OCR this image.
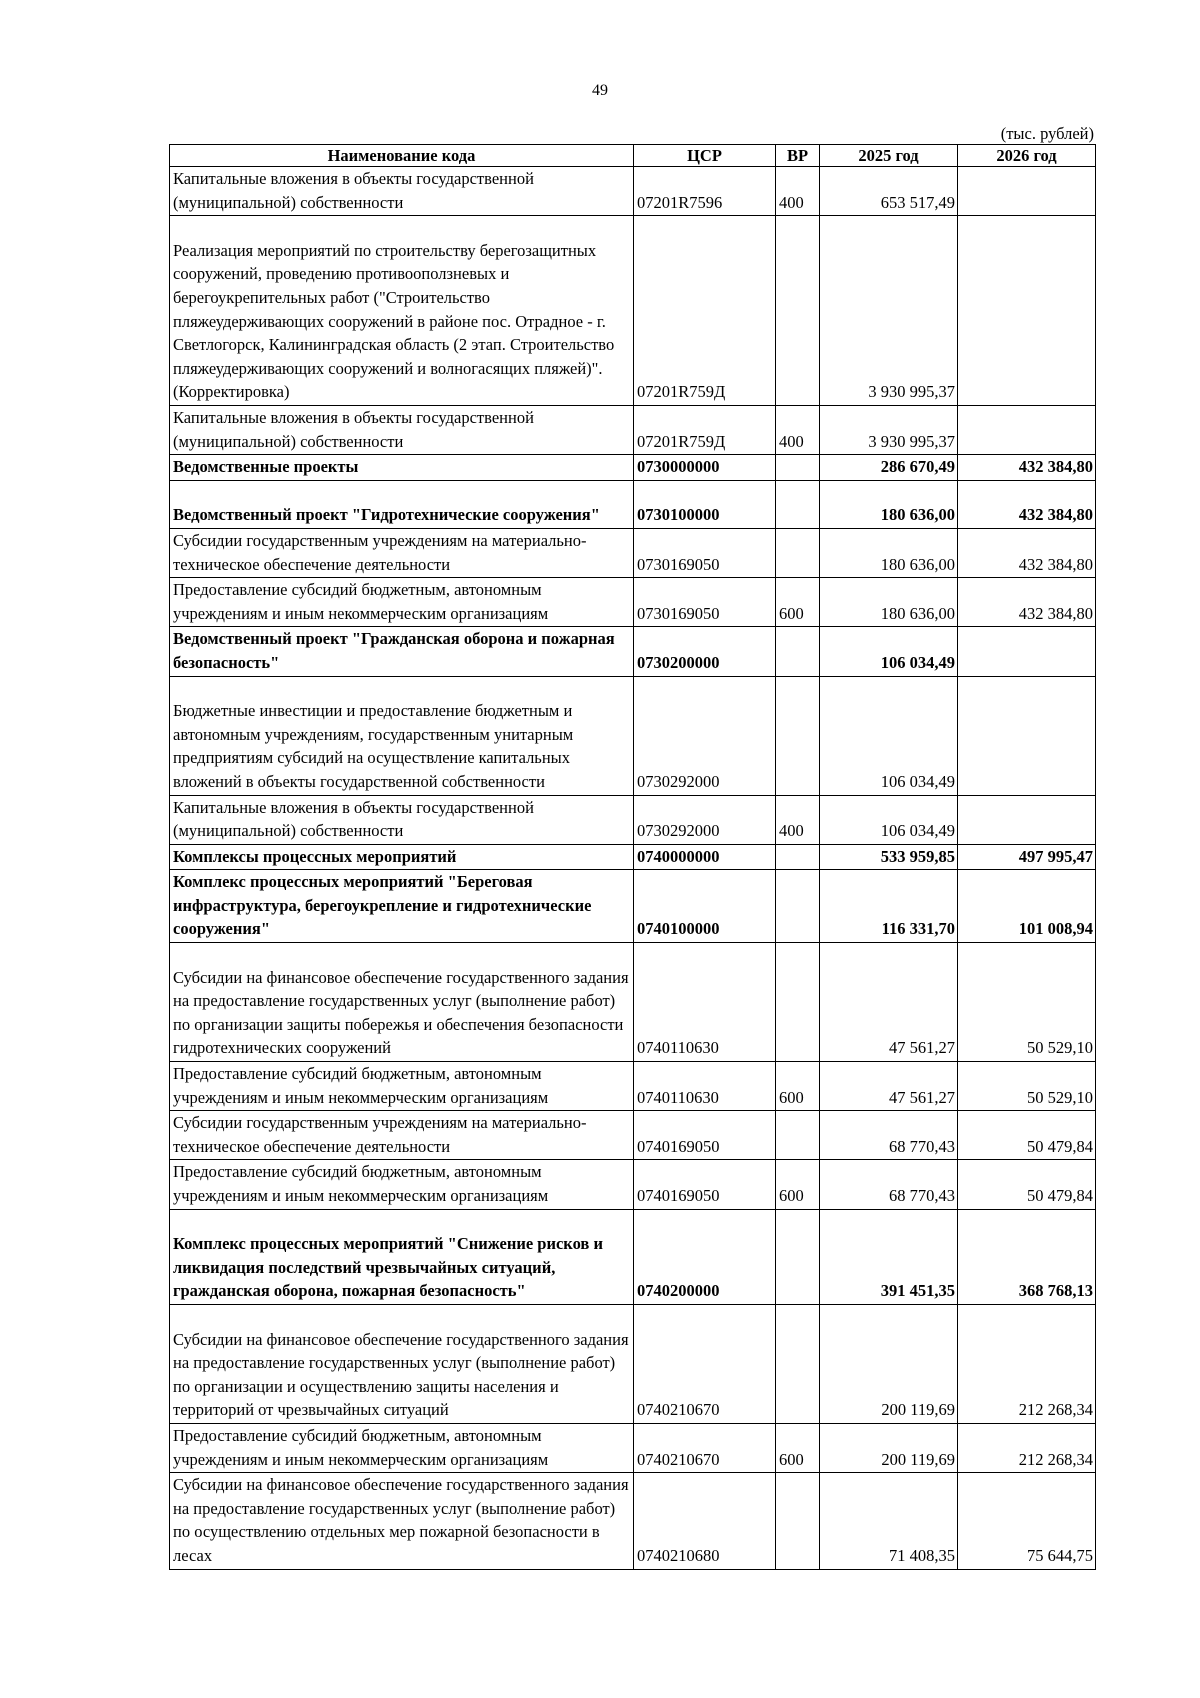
49
(тыс. рублей)
Наименование кода	ЦСР	ВР	2025 год	2026 год
Капитальные вложения в объекты государственной (муниципальной) собственности	07201R7596	400	653 517,49	
Реализация мероприятий по строительству берегозащитных сооружений, проведению противооползневых и берегоукрепительных работ ("Строительство пляжеудерживающих сооружений в районе пос. Отрадное - г. Светлогорск, Калининградская область (2 этап. Строительство пляжеудерживающих сооружений и волногасящих пляжей)". (Корректировка)	07201R759Д		3 930 995,37	
Капитальные вложения в объекты государственной (муниципальной) собственности	07201R759Д	400	3 930 995,37	
Ведомственные проекты	0730000000		286 670,49	432 384,80
Ведомственный проект "Гидротехнические сооружения"	0730100000		180 636,00	432 384,80
Субсидии государственным учреждениям на материально-техническое обеспечение деятельности	0730169050		180 636,00	432 384,80
Предоставление субсидий бюджетным, автономным учреждениям и иным некоммерческим организациям	0730169050	600	180 636,00	432 384,80
Ведомственный проект "Гражданская оборона и пожарная безопасность"	0730200000		106 034,49	
Бюджетные инвестиции и предоставление бюджетным и автономным учреждениям, государственным унитарным предприятиям субсидий на осуществление капитальных вложений в объекты государственной собственности	0730292000		106 034,49	
Капитальные вложения в объекты государственной (муниципальной) собственности	0730292000	400	106 034,49	
Комплексы процессных мероприятий	0740000000		533 959,85	497 995,47
Комплекс процессных мероприятий "Береговая инфраструктура, берегоукрепление и гидротехнические сооружения"	0740100000		116 331,70	101 008,94
Субсидии на финансовое обеспечение государственного задания на предоставление государственных услуг (выполнение работ) по организации защиты побережья и обеспечения безопасности гидротехнических сооружений	0740110630		47 561,27	50 529,10
Предоставление субсидий бюджетным, автономным учреждениям и иным некоммерческим организациям	0740110630	600	47 561,27	50 529,10
Субсидии государственным учреждениям на материально-техническое обеспечение деятельности	0740169050		68 770,43	50 479,84
Предоставление субсидий бюджетным, автономным учреждениям и иным некоммерческим организациям	0740169050	600	68 770,43	50 479,84
Комплекс процессных мероприятий "Снижение рисков и ликвидация последствий чрезвычайных ситуаций, гражданская оборона, пожарная безопасность"	0740200000		391 451,35	368 768,13
Субсидии на финансовое обеспечение государственного задания на предоставление государственных услуг (выполнение работ) по организации и осуществлению защиты населения и территорий от чрезвычайных ситуаций	0740210670		200 119,69	212 268,34
Предоставление субсидий бюджетным, автономным учреждениям и иным некоммерческим организациям	0740210670	600	200 119,69	212 268,34
Субсидии на финансовое обеспечение государственного задания на предоставление государственных услуг (выполнение работ) по осуществлению отдельных мер пожарной безопасности в лесах	0740210680		71 408,35	75 644,75
